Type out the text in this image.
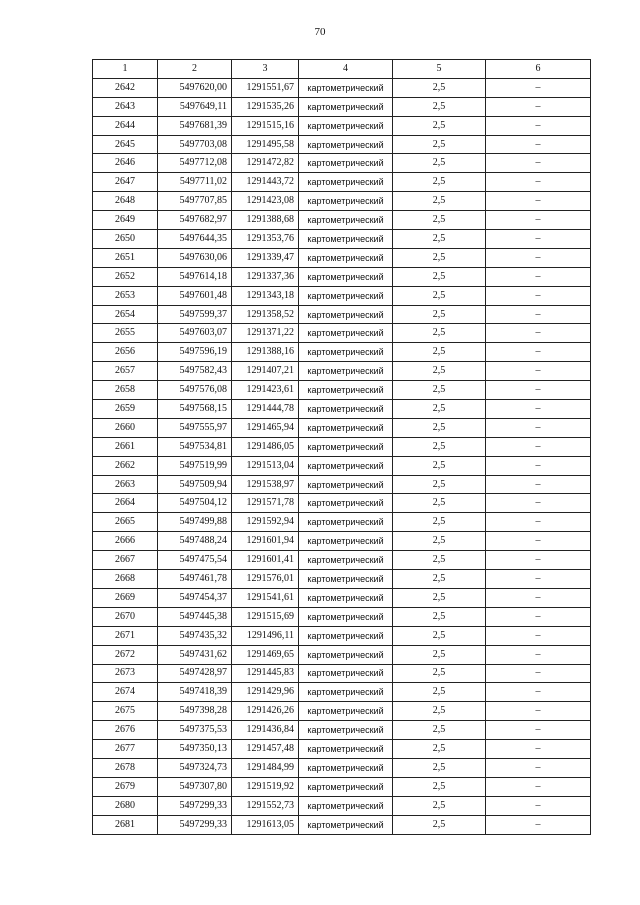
70
1	2	3	4	5	6
2642	5497620,00	1291551,67	картометрический	2,5	–
2643	5497649,11	1291535,26	картометрический	2,5	–
2644	5497681,39	1291515,16	картометрический	2,5	–
2645	5497703,08	1291495,58	картометрический	2,5	–
2646	5497712,08	1291472,82	картометрический	2,5	–
2647	5497711,02	1291443,72	картометрический	2,5	–
2648	5497707,85	1291423,08	картометрический	2,5	–
2649	5497682,97	1291388,68	картометрический	2,5	–
2650	5497644,35	1291353,76	картометрический	2,5	–
2651	5497630,06	1291339,47	картометрический	2,5	–
2652	5497614,18	1291337,36	картометрический	2,5	–
2653	5497601,48	1291343,18	картометрический	2,5	–
2654	5497599,37	1291358,52	картометрический	2,5	–
2655	5497603,07	1291371,22	картометрический	2,5	–
2656	5497596,19	1291388,16	картометрический	2,5	–
2657	5497582,43	1291407,21	картометрический	2,5	–
2658	5497576,08	1291423,61	картометрический	2,5	–
2659	5497568,15	1291444,78	картометрический	2,5	–
2660	5497555,97	1291465,94	картометрический	2,5	–
2661	5497534,81	1291486,05	картометрический	2,5	–
2662	5497519,99	1291513,04	картометрический	2,5	–
2663	5497509,94	1291538,97	картометрический	2,5	–
2664	5497504,12	1291571,78	картометрический	2,5	–
2665	5497499,88	1291592,94	картометрический	2,5	–
2666	5497488,24	1291601,94	картометрический	2,5	–
2667	5497475,54	1291601,41	картометрический	2,5	–
2668	5497461,78	1291576,01	картометрический	2,5	–
2669	5497454,37	1291541,61	картометрический	2,5	–
2670	5497445,38	1291515,69	картометрический	2,5	–
2671	5497435,32	1291496,11	картометрический	2,5	–
2672	5497431,62	1291469,65	картометрический	2,5	–
2673	5497428,97	1291445,83	картометрический	2,5	–
2674	5497418,39	1291429,96	картометрический	2,5	–
2675	5497398,28	1291426,26	картометрический	2,5	–
2676	5497375,53	1291436,84	картометрический	2,5	–
2677	5497350,13	1291457,48	картометрический	2,5	–
2678	5497324,73	1291484,99	картометрический	2,5	–
2679	5497307,80	1291519,92	картометрический	2,5	–
2680	5497299,33	1291552,73	картометрический	2,5	–
2681	5497299,33	1291613,05	картометрический	2,5	–
